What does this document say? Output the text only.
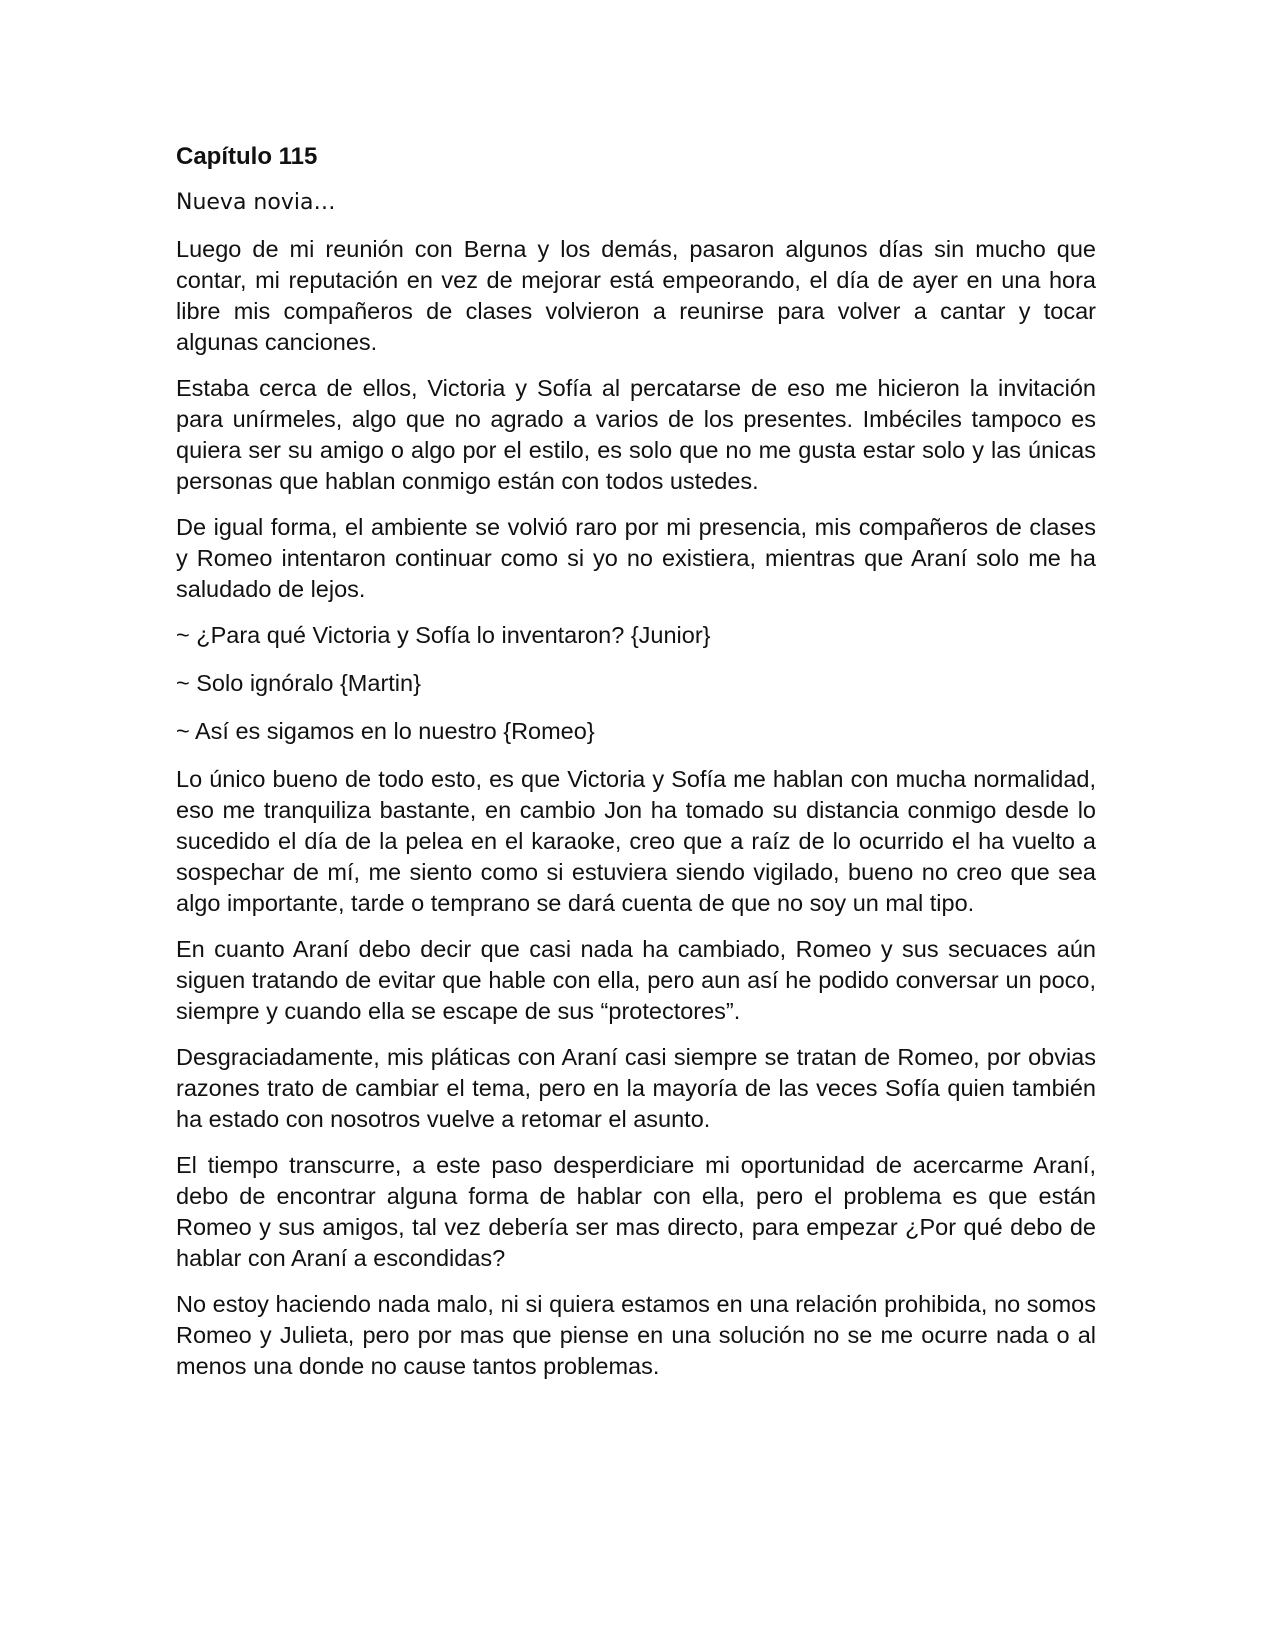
Capítulo 115
Nueva novia…

Luego de mi reunión con Berna y los demás, pasaron algunos días sin mucho que contar, mi reputación en vez de mejorar está empeorando, el día de ayer en una hora libre mis compañeros de clases volvieron a reunirse para volver a cantar y tocar algunas canciones.

Estaba cerca de ellos, Victoria y Sofía al percatarse de eso me hicieron la invitación para unírmeles, algo que no agrado a varios de los presentes. Imbéciles tampoco es quiera ser su amigo o algo por el estilo, es solo que no me gusta estar solo y las únicas personas que hablan conmigo están con todos ustedes.

De igual forma, el ambiente se volvió raro por mi presencia, mis compañeros de clases y Romeo intentaron continuar como si yo no existiera, mientras que Araní solo me ha saludado de lejos.

~ ¿Para qué Victoria y Sofía lo inventaron? {Junior}

~ Solo ignóralo {Martin}

~ Así es sigamos en lo nuestro {Romeo}

Lo único bueno de todo esto, es que Victoria y Sofía me hablan con mucha normalidad, eso me tranquiliza bastante, en cambio Jon ha tomado su distancia conmigo desde lo sucedido el día de la pelea en el karaoke, creo que a raíz de lo ocurrido el ha vuelto a sospechar de mí, me siento como si estuviera siendo vigilado, bueno no creo que sea algo importante, tarde o temprano se dará cuenta de que no soy un mal tipo.

En cuanto Araní debo decir que casi nada ha cambiado, Romeo y sus secuaces aún siguen tratando de evitar que hable con ella, pero aun así he podido conversar un poco, siempre y cuando ella se escape de sus “protectores”.

Desgraciadamente, mis pláticas con Araní casi siempre se tratan de Romeo, por obvias razones trato de cambiar el tema, pero en la mayoría de las veces Sofía quien también ha estado con nosotros vuelve a retomar el asunto.

El tiempo transcurre, a este paso desperdiciare mi oportunidad de acercarme Araní, debo de encontrar alguna forma de hablar con ella, pero el problema es que están Romeo y sus amigos, tal vez debería ser mas directo, para empezar ¿Por qué debo de hablar con Araní a escondidas?

No estoy haciendo nada malo, ni si quiera estamos en una relación prohibida, no somos Romeo y Julieta, pero por mas que piense en una solución no se me ocurre nada o al menos una donde no cause tantos problemas.
